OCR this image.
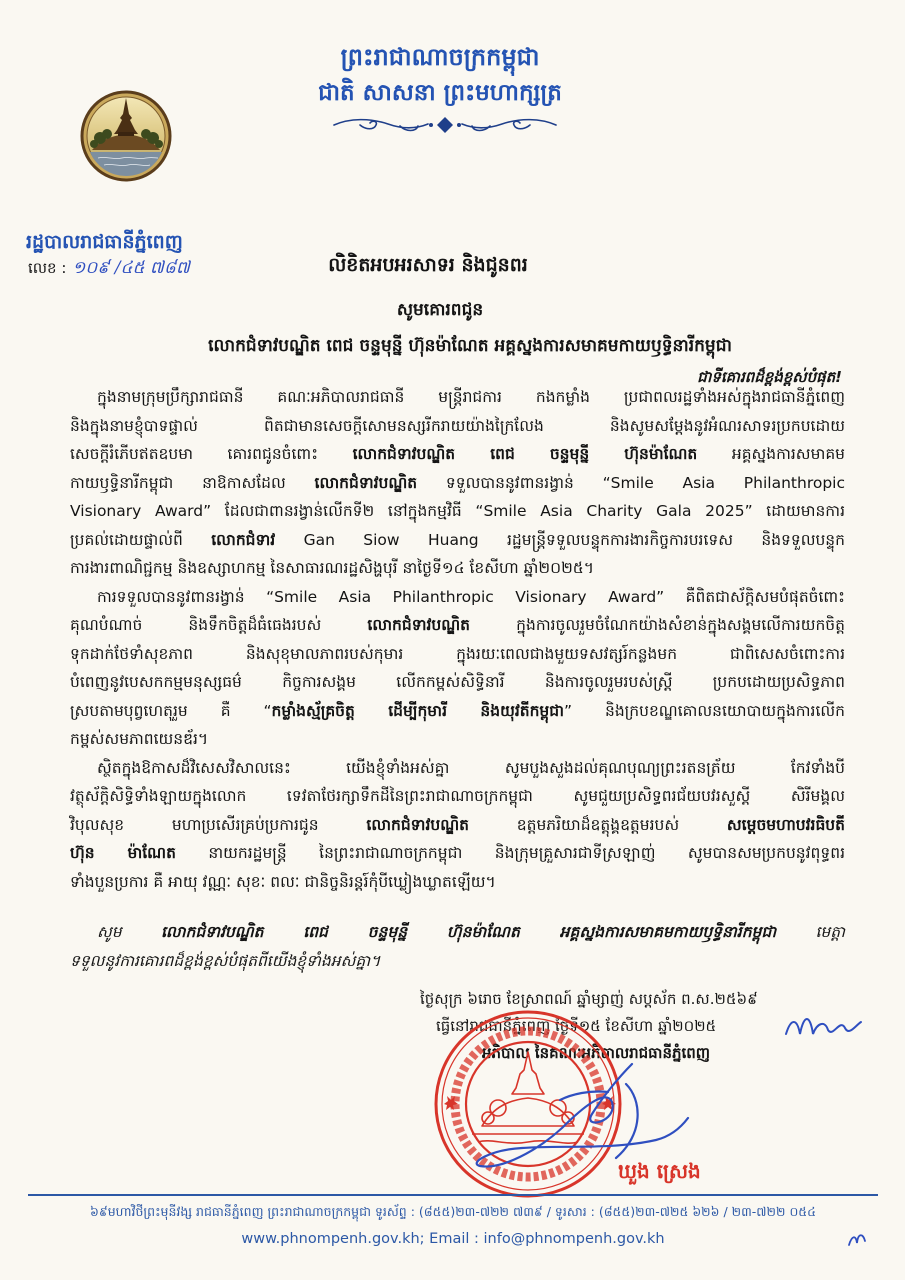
ព្រះរាជាណាចក្រកម្ពុជា
ជាតិ សាសនា ព្រះមហាក្សត្រ
រដ្ឋបាលរាជធានីភ្នំពេញ
លេខ : ១០៩ /៤៥ ៧៨៧	លិខិតអបអរសាទរ និងជូនពរ
សូមគោរពជូន
លោកជំទាវបណ្ឌិត ពេជ ចន្ទមុន្នី ហ៊ុនម៉ាណែត អគ្គស្នងការសមាគមកាយឫទ្ធិនារីកម្ពុជា
ជាទីគោរពដ៏ខ្ពង់ខ្ពស់បំផុត!
ក្នុងនាមក្រុមប្រឹក្សារាជធានី គណៈអភិបាលរាជធានី មន្ត្រីរាជការ កងកម្លាំង ប្រជាពលរដ្ឋទាំងអស់ក្នុងរាជធានីភ្នំពេញ
និងក្នុងនាមខ្ញុំបាទផ្ទាល់ ពិតជាមានសេចក្តីសោមនស្សរីករាយយ៉ាងក្រៃលែង និងសូមសម្តែងនូវអំណរសាទរប្រកបដោយ
សេចក្តីរំភើបឥតឧបមា គោរពជូនចំពោះ លោកជំទាវបណ្ឌិត ពេជ ចន្ទមុន្នី ហ៊ុនម៉ាណែត អគ្គស្នងការសមាគម
កាយឫទ្ធិនារីកម្ពុជា នាឱកាសដែល លោកជំទាវបណ្ឌិត ទទួលបាននូវពានរង្វាន់ “Smile Asia Philanthropic
Visionary Award” ដែលជាពានរង្វាន់លើកទី២ នៅក្នុងកម្មវិធី “Smile Asia Charity Gala 2025” ដោយមានការ
ប្រគល់ដោយផ្ទាល់ពី លោកជំទាវ Gan Siow Huang រដ្ឋមន្ត្រីទទួលបន្ទុកការងារកិច្ចការបរទេស និងទទួលបន្ទុក
ការងារពាណិជ្ជកម្ម និងឧស្សាហកម្ម នៃសាធារណរដ្ឋសិង្ហបុរី នាថ្ងៃទី១៤ ខែសីហា ឆ្នាំ២០២៥។
ការទទួលបាននូវពានរង្វាន់ “Smile Asia Philanthropic Visionary Award” គឺពិតជាស័ក្តិសមបំផុតចំពោះ
គុណបំណាច់ និងទឹកចិត្តដ៏ធំធេងរបស់ លោកជំទាវបណ្ឌិត ក្នុងការចូលរួមចំណែកយ៉ាងសំខាន់ក្នុងសង្គមលើការយកចិត្ត
ទុកដាក់ថែទាំសុខភាព និងសុខុមាលភាពរបស់កុមារ ក្នុងរយៈពេលជាងមួយទសវត្សរ៍កន្លងមក ជាពិសេសចំពោះការ
បំពេញនូវបេសកកម្មមនុស្សធម៌ កិច្ចការសង្គម លើកកម្ពស់សិទ្ធិនារី និងការចូលរួមរបស់ស្ត្រី ប្រកបដោយប្រសិទ្ធភាព
ស្របតាមបុព្វហេតុរួម គឺ “កម្លាំងស្ម័គ្រចិត្ត ដើម្បីកុមារី និងយុវតីកម្ពុជា” និងក្របខណ្ឌគោលនយោបាយក្នុងការលើក
កម្ពស់សមភាពយេនឌ័រ។
ស្ថិតក្នុងឱកាសដ៏វិសេសវិសាលនេះ យើងខ្ញុំទាំងអស់គ្នា សូមបួងសួងដល់គុណបុណ្យព្រះរតនត្រ័យ កែវទាំងបី
វត្ថុស័ក្តិសិទ្ធិទាំងឡាយក្នុងលោក ទេវតាថែរក្សាទឹកដីនៃព្រះរាជាណាចក្រកម្ពុជា សូមជួយប្រសិទ្ធពរជ័យបវរសួស្តី សិរីមង្គល
វិបុលសុខ មហាប្រសើរគ្រប់ប្រការជូន លោកជំទាវបណ្ឌិត ឧត្តមភរិយាដ៏ឧត្តុង្គឧត្តមរបស់ សម្តេចមហាបវរធិបតី
ហ៊ុន ម៉ាណែត នាយករដ្ឋមន្ត្រី នៃព្រះរាជាណាចក្រកម្ពុជា និងក្រុមគ្រួសារជាទីស្រឡាញ់ សូមបានសមប្រកបនូវពុទ្ធពរ
ទាំងបួនប្រការ គឺ អាយុ វណ្ណៈ សុខៈ ពលៈ ជានិច្ចនិរន្តរ៍កុំបីឃ្លៀងឃ្លាតឡើយ។
សូម លោកជំទាវបណ្ឌិត ពេជ ចន្ទមុន្នី ហ៊ុនម៉ាណែត អគ្គស្នងការសមាគមកាយឫទ្ធិនារីកម្ពុជា មេត្តា
ទទួលនូវការគោរពដ៏ខ្ពង់ខ្ពស់បំផុតពីយើងខ្ញុំទាំងអស់គ្នា។
ថ្ងៃសុក្រ ៦រោច ខែស្រាពណ៍ ឆ្នាំម្សាញ់ សប្តស័ក ព.ស.២៥៦៩
ធ្វើនៅរាជធានីភ្នំពេញ ថ្ងៃទី១៥ ខែសីហា ឆ្នាំ២០២៥
អភិបាល នៃគណៈអភិបាលរាជធានីភ្នំពេញ
ឃួង ស្រេង
៦៩មហាវិថីព្រះមុនីវង្ស រាជធានីភ្នំពេញ ព្រះរាជាណាចក្រកម្ពុជា ទូរស័ព្ទ : (៨៥៥)២៣-៧២២ ៧៣៩ / ទូរសារ : (៨៥៥)២៣-៧២៥ ៦២៦ / ២៣-៧២២ ០៥៤
www.phnompenh.gov.kh; Email : info@phnompenh.gov.kh
